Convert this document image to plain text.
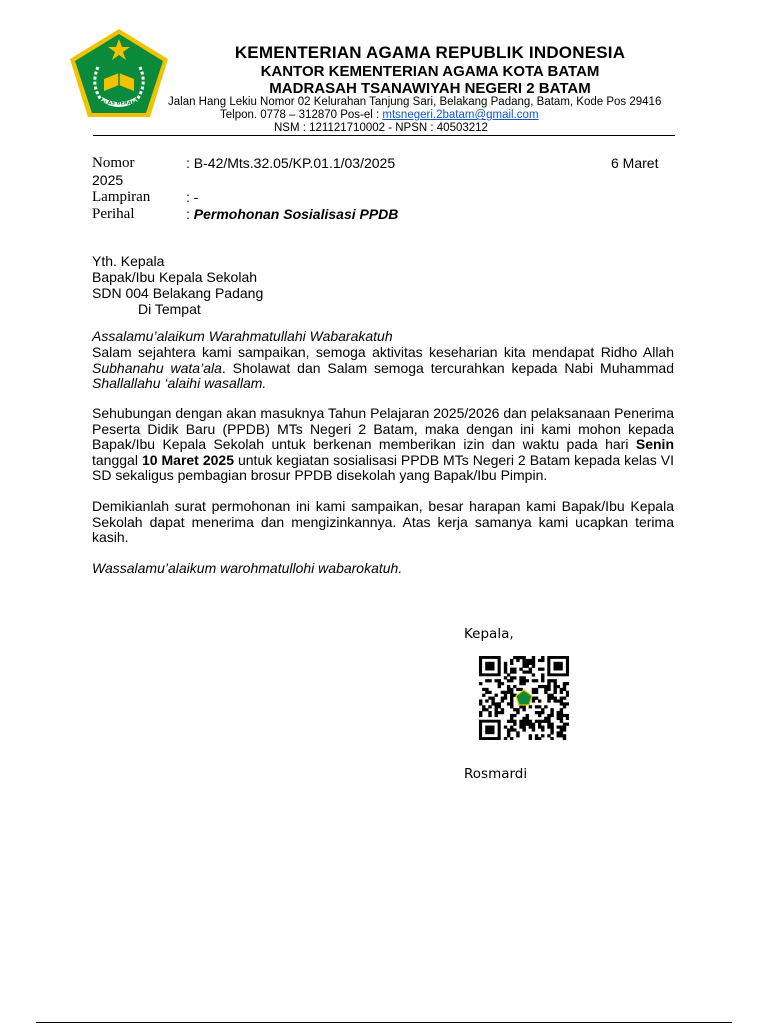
IKHLAS BERAMAL
KEMENTERIAN AGAMA REPUBLIK INDONESIA
KANTOR KEMENTERIAN AGAMA KOTA BATAM
MADRASAH TSANAWIYAH NEGERI 2 BATAM
Jalan Hang Lekiu Nomor 02 Kelurahan Tanjung Sari, Belakang Padang, Batam, Kode Pos 29416
Telpon. 0778 – 312870 Pos-el : mtsnegeri.2batam@gmail.com
NSM : 121121710002 - NPSN : 40503212
Nomor	: B-42/Mts.32.05/KP.01.1/03/2025	6 Maret
2025
Lampiran	: -
Perihal	: Permohonan Sosialisasi PPDB
Yth. Kepala
Bapak/Ibu Kepala Sekolah
SDN 004 Belakang Padang
Di Tempat
Assalamu’alaikum Warahmatullahi Wabarakatuh
Salam sejahtera kami sampaikan, semoga aktivitas keseharian kita mendapat Ridho Allah Subhanahu wata’ala. Sholawat dan Salam semoga tercurahkan kepada Nabi Muhammad Shallallahu ‘alaihi wasallam.
Sehubungan dengan akan masuknya Tahun Pelajaran 2025/2026 dan pelaksanaan Penerima Peserta Didik Baru (PPDB) MTs Negeri 2 Batam, maka dengan ini kami mohon kepada Bapak/Ibu Kepala Sekolah untuk berkenan memberikan izin dan waktu pada hari Senin tanggal 10 Maret 2025 untuk kegiatan sosialisasi PPDB MTs Negeri 2 Batam kepada kelas VI SD sekaligus pembagian brosur PPDB disekolah yang Bapak/Ibu Pimpin.
Demikianlah surat permohonan ini kami sampaikan, besar harapan kami Bapak/Ibu Kepala Sekolah dapat menerima dan mengizinkannya. Atas kerja samanya kami ucapkan terima kasih.
Wassalamu’alaikum warohmatullohi wabarokatuh.
Kepala,
Rosmardi
